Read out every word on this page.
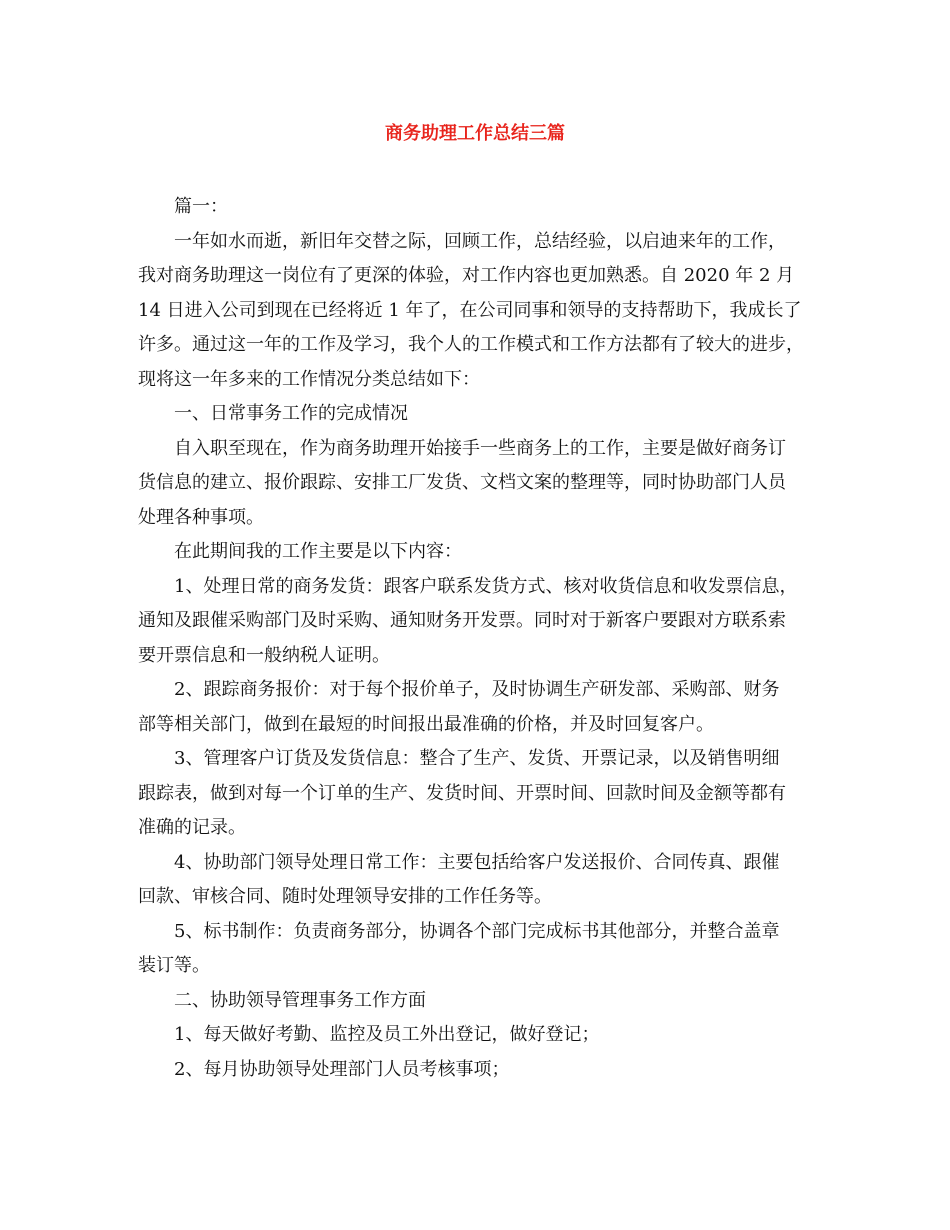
商务助理工作总结三篇
篇一：
一年如水而逝，新旧年交替之际，回顾工作，总结经验，以启迪来年的工作，
我对商务助理这一岗位有了更深的体验，对工作内容也更加熟悉。自 2020 年 2 月
14 日进入公司到现在已经将近 1 年了，在公司同事和领导的支持帮助下，我成长了
许多。通过这一年的工作及学习，我个人的工作模式和工作方法都有了较大的进步，
现将这一年多来的工作情况分类总结如下：
一、日常事务工作的完成情况
自入职至现在，作为商务助理开始接手一些商务上的工作，主要是做好商务订
货信息的建立、报价跟踪、安排工厂发货、文档文案的整理等，同时协助部门人员
处理各种事项。
在此期间我的工作主要是以下内容：
1、处理日常的商务发货：跟客户联系发货方式、核对收货信息和收发票信息，
通知及跟催采购部门及时采购、通知财务开发票。同时对于新客户要跟对方联系索
要开票信息和一般纳税人证明。
2、跟踪商务报价：对于每个报价单子，及时协调生产研发部、采购部、财务
部等相关部门，做到在最短的时间报出最准确的价格，并及时回复客户。
3、管理客户订货及发货信息：整合了生产、发货、开票记录，以及销售明细
跟踪表，做到对每一个订单的生产、发货时间、开票时间、回款时间及金额等都有
准确的记录。
4、协助部门领导处理日常工作：主要包括给客户发送报价、合同传真、跟催
回款、审核合同、随时处理领导安排的工作任务等。
5、标书制作：负责商务部分，协调各个部门完成标书其他部分，并整合盖章
装订等。
二、协助领导管理事务工作方面
1、每天做好考勤、监控及员工外出登记，做好登记；
2、每月协助领导处理部门人员考核事项；
